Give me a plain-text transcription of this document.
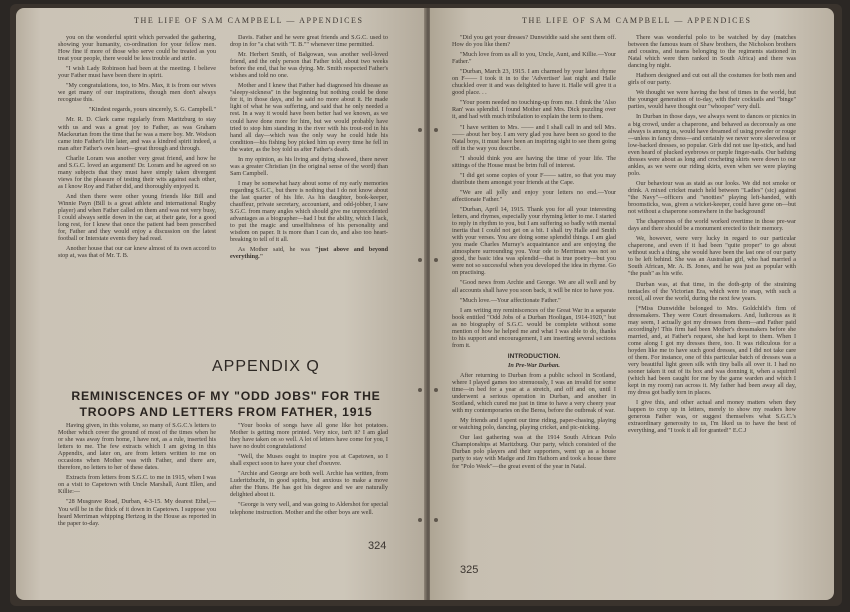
THE LIFE OF SAM CAMPBELL — APPENDICES

you on the wonderful spirit which pervaded the gathering, showing your humanity, co-ordination for your fellow men. How fine if more of those who serve could be treated as you treat your people, there would be less trouble and strife.

"I wish Lady Robinson had been at the meeting. I believe your Father must have been there in spirit.

"My congratulations, too, to Mrs. Max, it is from our wives we get many of our inspirations, though men don't always recognise this.

"Kindest regards, yours sincerely, S. G. Campbell."

Mr. R. D. Clark came regularly from Maritzburg to stay with us and was a great joy to Father, as was Graham Mackeurtan from the time that he was a mere boy. Mr. Wodson came into Father's life later, and was a kindred spirit indeed, a man after Father's own heart—great through and through.

Charlie Loram was another very great friend, and how he and S.G.C. loved an argument! Dr. Loram and he agreed on so many subjects that they must have simply taken divergent views for the pleasure of testing their wits against each other, as I know Roy and Father did, and thoroughly enjoyed it.

And then there were other young friends like Bill and Winnie Payn (Bill is a great athlete and international Rugby player) and when Father called on them and was not very busy, I could always settle down in the car, at their gate, for a good long rest, for I knew that once the patient had been prescribed for, Father and they would enjoy a discussion on the latest football or Interstate events they had read.

Another house that our car knew almost of its own accord to stop at, was that of Mr. T. B.

Davis. Father and he were great friends and S.G.C. used to drop in for "a chat with "T. B."" whenever time permitted.

Mr. Herbert Smith, of Balgowan, was another well-loved friend, and the only person that Father told, about two weeks before the end, that he was dying. Mr. Smith respected Father's wishes and told no one.

Mother and I knew that Father had diagnosed his disease as "sleepy-sickness" in the beginning but nothing could be done for it, in those days, and he said no more about it. He made light of what he was suffering, and said that he only needed a rest. In a way it would have been better had we known, as we could have done more for him, but we would probably have tried to stop him standing in the river with his trout-rod in his hand all day—which was the only way he could hide his condition—his fishing boy picked him up every time he fell in the water, as the boy told us after Father's death.

In my opinion, as his living and dying showed, there never was a greater Christian (in the original sense of the word) than Sam Campbell.

I may be somewhat hazy about some of my early memories regarding S.G.C., but there is nothing that I do not know about the last quarter of his life. As his daughter, book-keeper, chauffeur, private secretary, accountant, and odd-jobber, I saw S.G.C. from many angles which should give me unprecedented advantages as a biographer—had I but the ability, which I lack, to put the magic and unselfishness of his personality and wisdom on paper. It is more than I can do, and also too heart-breaking to tell of it all.

As Mother said, he was "just above and beyond everything."

APPENDIX Q
REMINISCENCES OF MY "ODD JOBS" FOR THE TROOPS AND LETTERS FROM FATHER, 1915

Having given, in this volume, so many of S.G.C.'s letters to Mother which cover the ground of most of the times when he or she was away from home, I have not, as a rule, inserted his letters to me. The few extracts which I am giving in this Appendix, and later on, are from letters written to me on occasions when Mother was with Father, and there are, therefore, no letters to her of these dates.

Extracts from letters from S.G.C. to me in 1915, when I was on a visit to Capetown with Uncle Marshall, Aunt Ellen, and Killie:—

"28 Musgrave Road, Durban, 4-3-15. My dearest Ethel,—You will be in the thick of it down in Capetown. I suppose you heard Merriman whipping Hertzog in the House as reported in the paper to-day.

"Your books of songs have all gone like hot potatoes. Mother is getting more printed. Very nice, isn't it? I am glad they have taken on so well. A lot of letters have come for you, I have no doubt congratulations!

"Well, the Muses ought to inspire you at Capetown, so I shall expect soon to have your chef d'oeuvre.

"Archie and George are both well. Archie has written, from Luderitzbucht, in good spirits, but anxious to make a move after the Huns. He has got his degree and we are naturally delighted about it.

"George is very well, and was going to Aldershot for special telephone instruction. Mother and the other boys are well.

324
THE LIFE OF SAM CAMPBELL — APPENDICES

"Did you get your dresses? Dunwiddie said she sent them off. How do you like them?

"Much love from us all to you, Uncle, Aunt, and Killie.—Your Father."

"Durban, March 23, 1915. I am charmed by your latest rhyme on F—— I took it in to the 'Advertiser' last night and Halle chuckled over it and was delighted to have it. Halle will give it a good place. . .

"Your poem needed no touching-up from me. I think the 'Also Ran' was splendid. I found Mother and Mrs. Dick puzzling over it, and had with much tribulation to explain the term to them.

"I have written to Mrs. —— and I shall call in and tell Mrs. —— about her boy. I am very glad you have been so good to the Natal boys, it must have been an inspiring sight to see them going off in the way you describe.

"I should think you are having the time of your life. The sittings of the House must be brim full of interest.

"I did get some copies of your F—— satire, so that you may distribute them amongst your friends at the Cape.

"We are all jolly and enjoy your letters no end.—Your affectionate Father."

"Durban, April 14, 1915. Thank you for all your interesting letters, and rhymes, especially your rhyming letter to me. I started to reply in rhythm to you, but I am suffering so badly with mental inertia that I could not get on a bit. I shall try Halle and Smith with your verses. You are doing some splendid things. I am glad you made Charles Murray's acquaintance and are enjoying the atmosphere surrounding you. Your ode to Merriman was not so good, the basic idea was splendid—that is true poetry—but you were not so successful when you developed the idea in rhyme. Go on practising.

"Good news from Archie and George. We are all well and by all accounts shall have you soon back, it will be nice to have you.

"Much love.—Your affectionate Father."

I am writing my reminiscences of the Great War in a separate book entitled "Odd Jobs of a Durban Hooligan, 1914-1920," but as no biography of S.G.C. would be complete without some mention of how he helped me and what I was able to do, thanks to his support and encouragement, I am inserting several sections from it.

INTRODUCTION.

In Pre-War Durban.

After returning to Durban from a public school in Scotland, where I played games too strenuously, I was an invalid for some time—in bed for a year at a stretch, and off and on, until I underwent a serious operation in Durban, and another in Scotland, which cured me just in time to have a very cheery year with my contemporaries on the Berea, before the outbreak of war.

My friends and I spent our time riding, paper-chasing, playing or watching polo, dancing, playing cricket, and pic-nicking.

Our last gathering was at the 1914 South African Polo Championships at Maritzburg. Our party, which consisted of the Durban polo players and their supporters, went up as a house party to stay with Madge and Jim Hathorn and took a house there for "Polo Week"—the great event of the year in Natal.

There was wonderful polo to be watched by day (matches between the famous team of Shaw brothers, the Nicholson brothers and cousins, and teams belonging to the regiments stationed in Natal which were then ranked in South Africa) and there was dancing by night.

Hathorn designed and cut out all the costumes for both men and girls of our party.

We thought we were having the best of times in the world, but the younger generation of to-day, with their cocktails and "binge" parties, would have thought our "whoopee" very dull.

In Durban in those days, we always went to dances or picnics in a big crowd, under a chaperone, and behaved as decorously as one always is among us, would have dreamed of using powder or rouge—unless in fancy dress—and certainly we never wore sleeveless or low-backed dresses, so popular. Girls did not use lip-stick, and had even heard of plucked eyebrows or purple finger-nails. Our bathing dresses were about as long and crocheting skirts were down to our ankles, as we were our riding skirts, even when we were playing polo.

Our behaviour was as staid as our looks. We did not smoke or drink. A mixed cricket match held between "Ladies" (sic) against "the Navy"—officers and "snotties" playing left-handed, with broomsticks, was, given a wicket-keeper, could have gone on—but not without a chaperone somewhere in the background!

The chaperones of the world worked overtime in those pre-war days and there should be a monument erected to their memory.

We, however, were very lucky in regard to our particular chaperone, and even if it had been "quite proper" to go about without such a thing, she would have been the last one of our party to be left behind. She was an Australian girl, who had married a South African, Mr. A. B. Jones, and he was just as popular with "the push" as his wife.

Durban was, at that time, in the doth-grip of the straining tentacles of the Victorian Era, which were to snap, with such a recoil, all over the world, during the next few years.

[*Miss Dunwiddie belonged to Mrs. Goldchild's firm of dressmakers. They were Court dressmakers. And, ludicrous as it may seem, I actually got my dresses from them—and Father paid accordingly! This firm had been Mother's dressmakers before she married, and, at Father's request, she had kept to them. When I come along I got my dresses there, too. It was ridiculous for a hoyden like me to have such good dresses, and I did not take care of them. For instance, one of this particular batch of dresses was a very beautiful light green silk with tiny balls all over it. I had no sooner taken it out of its box and was donning it, when a squirrel (which had been caught for me by the game warden and which I kept in my room) ran across it. My father had been away all day, my dress got badly torn in places.

I give this, and other actual and money matters when they happen to crop up in letters, merely to show my readers how generous Father was, or suggest themselves what S.G.C.'s extraordinary generosity to us, I'm liked us to have the best of everything, and "I took it all for granted!" E.C.J

325
